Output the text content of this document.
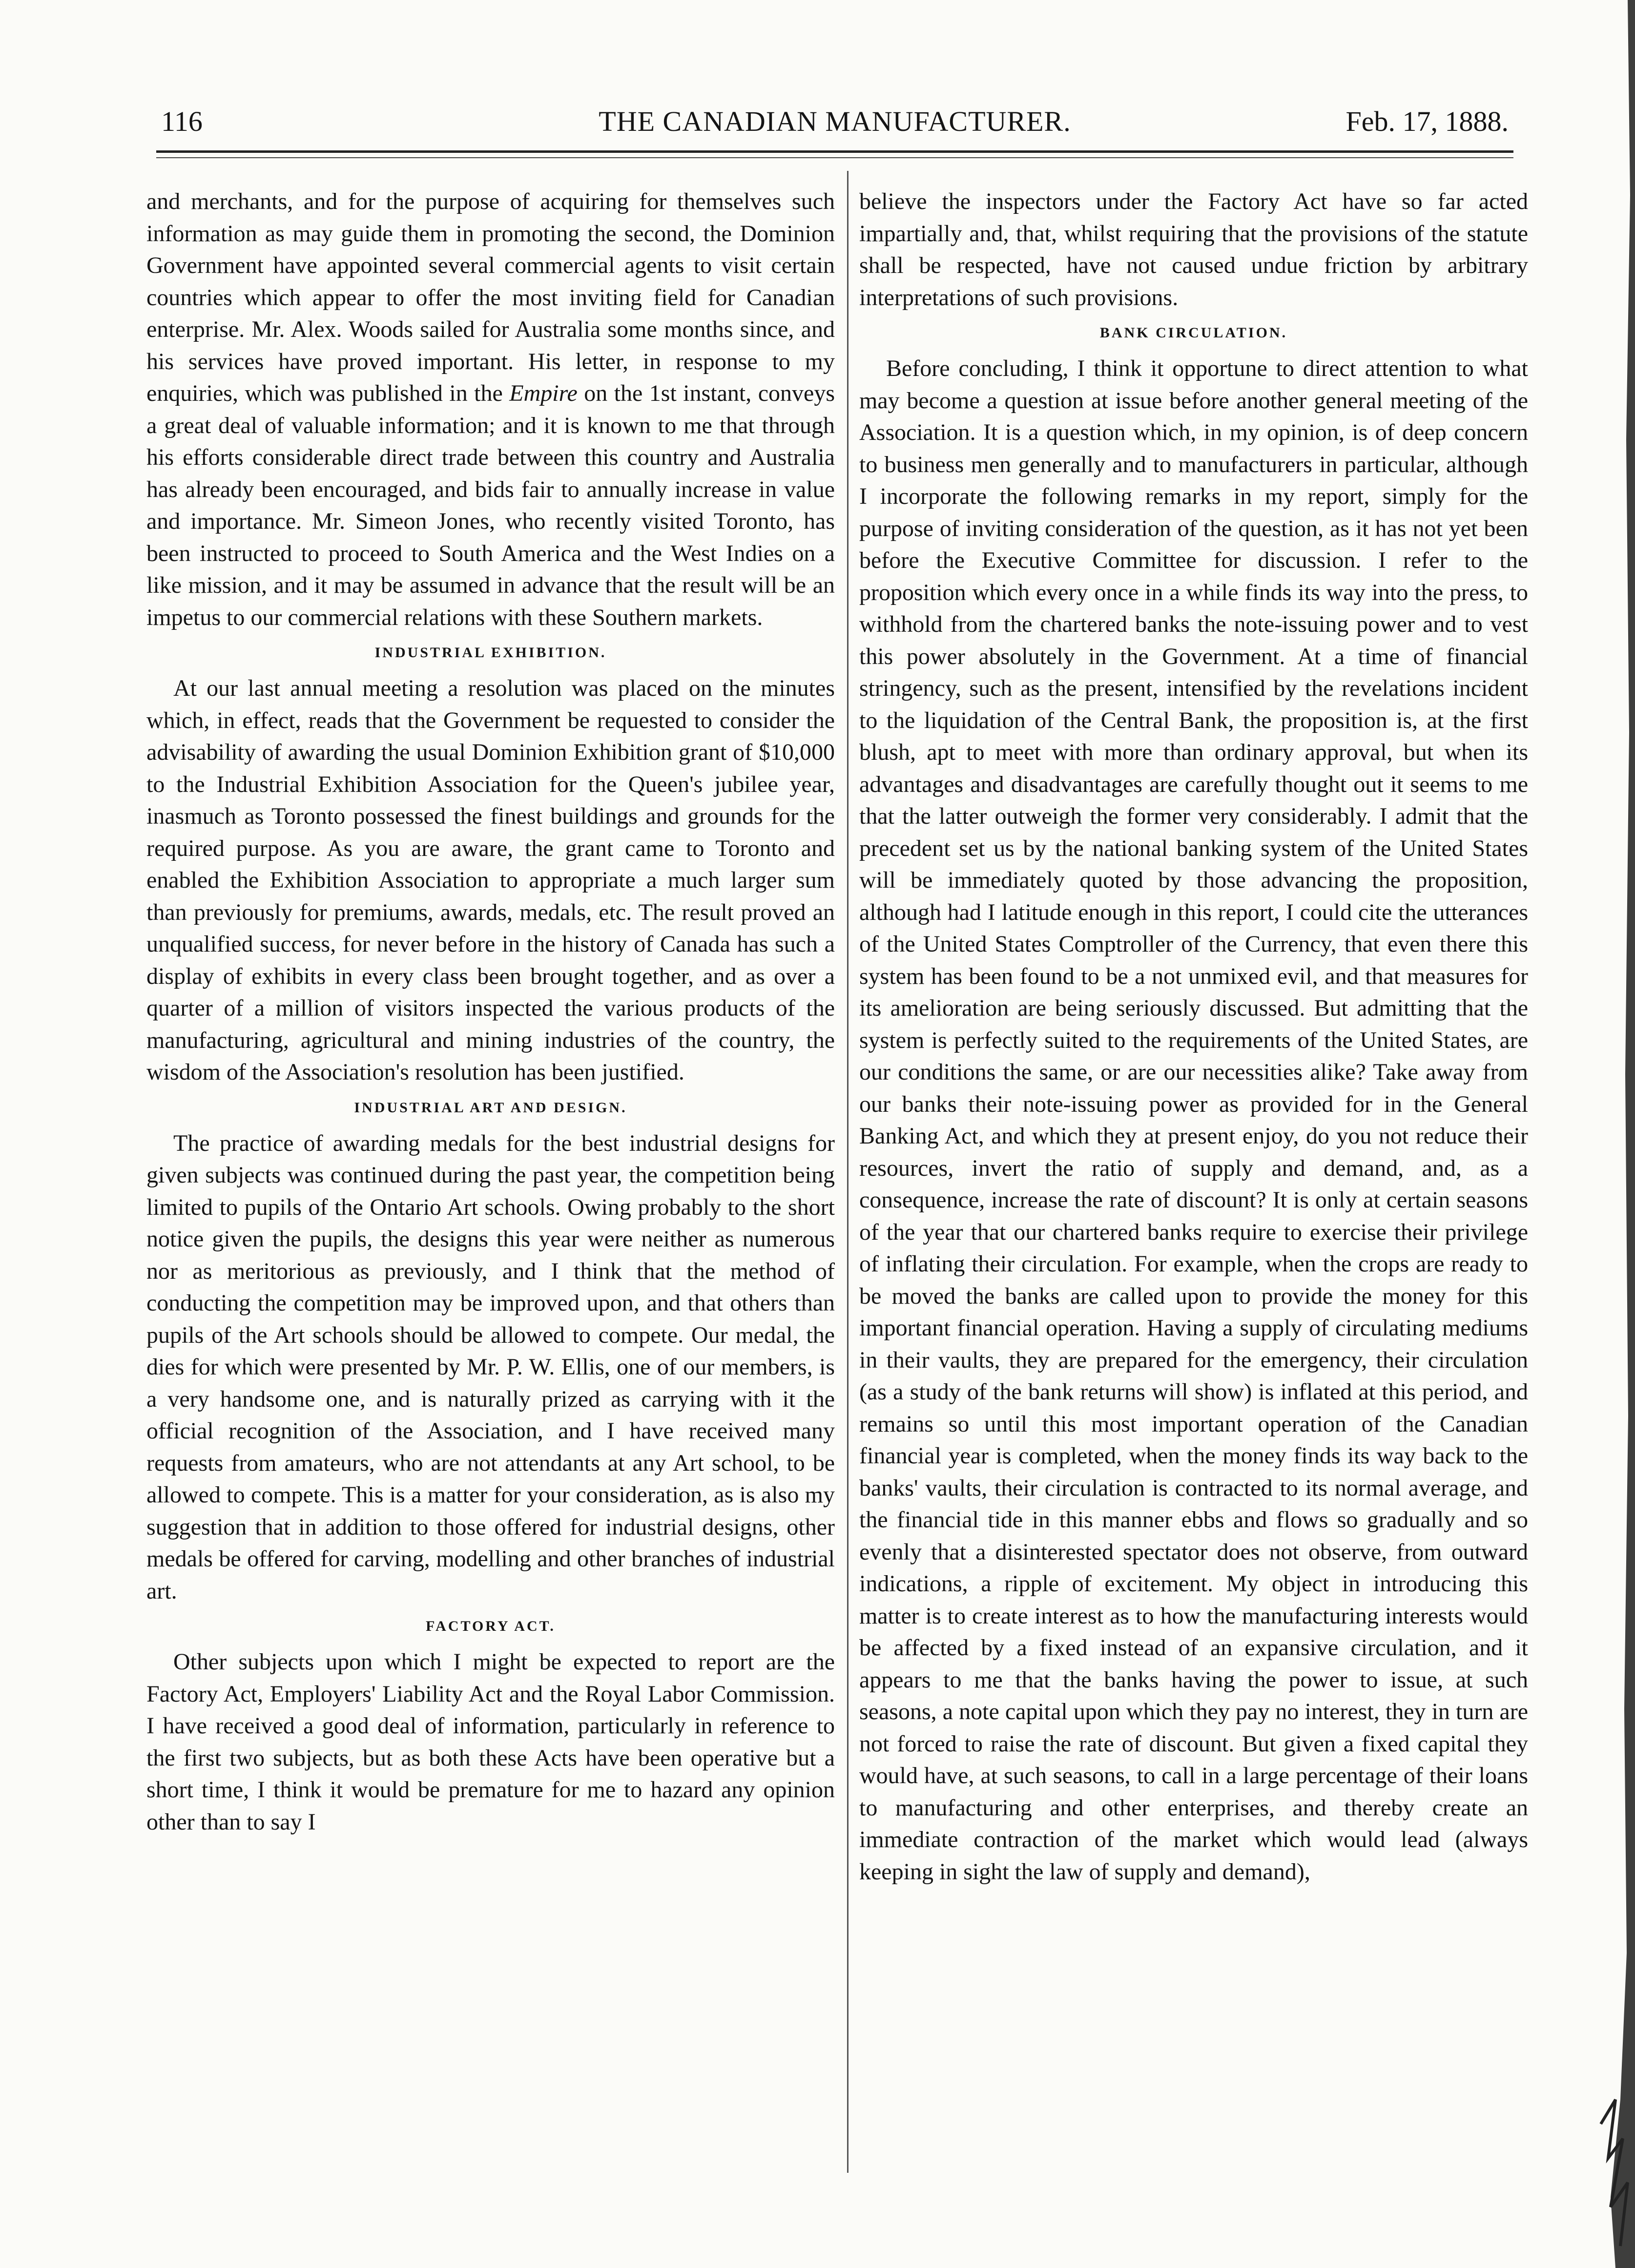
116	THE CANADIAN MANUFACTURER.	Feb. 17, 1888.

and merchants, and for the purpose of acquiring for themselves such information as may guide them in promoting the second, the Dominion Government have appointed several commercial agents to visit certain countries which appear to offer the most inviting field for Canadian enterprise. Mr. Alex. Woods sailed for Australia some months since, and his services have proved important. His letter, in response to my enquiries, which was published in the Empire on the 1st instant, conveys a great deal of valuable information; and it is known to me that through his efforts considerable direct trade between this country and Australia has already been encouraged, and bids fair to annually increase in value and importance. Mr. Simeon Jones, who recently visited Toronto, has been instructed to proceed to South America and the West Indies on a like mission, and it may be assumed in advance that the result will be an impetus to our commercial relations with these Southern markets.

INDUSTRIAL EXHIBITION.

At our last annual meeting a resolution was placed on the minutes which, in effect, reads that the Government be requested to consider the advisability of awarding the usual Dominion Exhibition grant of $10,000 to the Industrial Exhibition Association for the Queen's jubilee year, inasmuch as Toronto possessed the finest buildings and grounds for the required purpose. As you are aware, the grant came to Toronto and enabled the Exhibition Association to appropriate a much larger sum than previously for premiums, awards, medals, etc. The result proved an unqualified success, for never before in the history of Canada has such a display of exhibits in every class been brought together, and as over a quarter of a million of visitors inspected the various products of the manufacturing, agricultural and mining industries of the country, the wisdom of the Association's resolution has been justified.

INDUSTRIAL ART AND DESIGN.

The practice of awarding medals for the best industrial designs for given subjects was continued during the past year, the competition being limited to pupils of the Ontario Art schools. Owing probably to the short notice given the pupils, the designs this year were neither as numerous nor as meritorious as previously, and I think that the method of conducting the competition may be improved upon, and that others than pupils of the Art schools should be allowed to compete. Our medal, the dies for which were presented by Mr. P. W. Ellis, one of our members, is a very handsome one, and is naturally prized as carrying with it the official recognition of the Association, and I have received many requests from amateurs, who are not attendants at any Art school, to be allowed to compete. This is a matter for your consideration, as is also my suggestion that in addition to those offered for industrial designs, other medals be offered for carving, modelling and other branches of industrial art.

FACTORY ACT.

Other subjects upon which I might be expected to report are the Factory Act, Employers' Liability Act and the Royal Labor Commission. I have received a good deal of information, particularly in reference to the first two subjects, but as both these Acts have been operative but a short time, I think it would be premature for me to hazard any opinion other than to say I

believe the inspectors under the Factory Act have so far acted impartially and, that, whilst requiring that the provisions of the statute shall be respected, have not caused undue friction by arbitrary interpretations of such provisions.

BANK CIRCULATION.

Before concluding, I think it opportune to direct attention to what may become a question at issue before another general meeting of the Association. It is a question which, in my opinion, is of deep concern to business men generally and to manufacturers in particular, although I incorporate the following remarks in my report, simply for the purpose of inviting consideration of the question, as it has not yet been before the Executive Committee for discussion. I refer to the proposition which every once in a while finds its way into the press, to withhold from the chartered banks the note-issuing power and to vest this power absolutely in the Government. At a time of financial stringency, such as the present, intensified by the revelations incident to the liquidation of the Central Bank, the proposition is, at the first blush, apt to meet with more than ordinary approval, but when its advantages and disadvantages are carefully thought out it seems to me that the latter outweigh the former very considerably. I admit that the precedent set us by the national banking system of the United States will be immediately quoted by those advancing the proposition, although had I latitude enough in this report, I could cite the utterances of the United States Comptroller of the Currency, that even there this system has been found to be a not unmixed evil, and that measures for its amelioration are being seriously discussed. But admitting that the system is perfectly suited to the requirements of the United States, are our conditions the same, or are our necessities alike? Take away from our banks their note-issuing power as provided for in the General Banking Act, and which they at present enjoy, do you not reduce their resources, invert the ratio of supply and demand, and, as a consequence, increase the rate of discount? It is only at certain seasons of the year that our chartered banks require to exercise their privilege of inflating their circulation. For example, when the crops are ready to be moved the banks are called upon to provide the money for this important financial operation. Having a supply of circulating mediums in their vaults, they are prepared for the emergency, their circulation (as a study of the bank returns will show) is inflated at this period, and remains so until this most important operation of the Canadian financial year is completed, when the money finds its way back to the banks' vaults, their circulation is contracted to its normal average, and the financial tide in this manner ebbs and flows so gradually and so evenly that a disinterested spectator does not observe, from outward indications, a ripple of excitement. My object in introducing this matter is to create interest as to how the manufacturing interests would be affected by a fixed instead of an expansive circulation, and it appears to me that the banks having the power to issue, at such seasons, a note capital upon which they pay no interest, they in turn are not forced to raise the rate of discount. But given a fixed capital they would have, at such seasons, to call in a large percentage of their loans to manufacturing and other enterprises, and thereby create an immediate contraction of the market which would lead (always keeping in sight the law of supply and demand),
